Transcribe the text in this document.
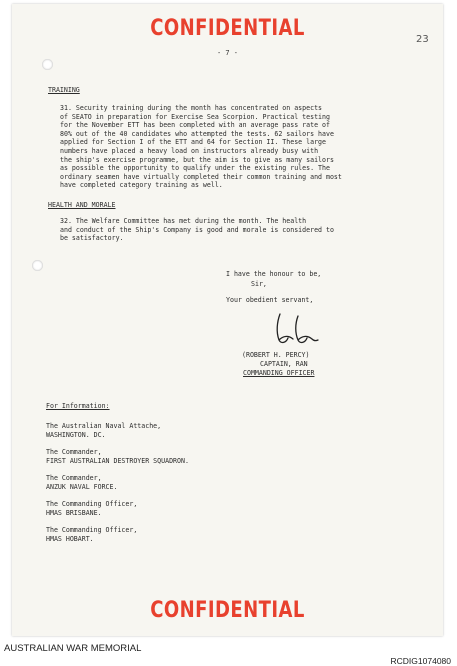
CONFIDENTIAL
- 7 -
23
TRAINING
31. Security training during the month has concentrated on aspects
of SEATO in preparation for Exercise Sea Scorpion. Practical testing
for the November ETT has been completed with an average pass rate of
80% out of the 40 candidates who attempted the tests. 62 sailors have
applied for Section I of the ETT and 64 for Section II. These large
numbers have placed a heavy load on instructors already busy with
the ship's exercise programme, but the aim is to give as many sailors
as possible the opportunity to qualify under the existing rules. The
ordinary seamen have virtually completed their common training and most
have completed category training as well.
HEALTH AND MORALE
32. The Welfare Committee has met during the month. The health
and conduct of the Ship's Company is good and morale is considered to
be satisfactory.
I have the honour to be,
Sir,
Your obedient servant,
(ROBERT H. PERCY)
CAPTAIN, RAN
COMMANDING OFFICER
For Information:
The Australian Naval Attache,
WASHINGTON. DC.
The Commander,
FIRST AUSTRALIAN DESTROYER SQUADRON.
The Commander,
ANZUK NAVAL FORCE.
The Commanding Officer,
HMAS BRISBANE.
The Commanding Officer,
HMAS HOBART.
CONFIDENTIAL
AUSTRALIAN WAR MEMORIAL
RCDIG1074080
